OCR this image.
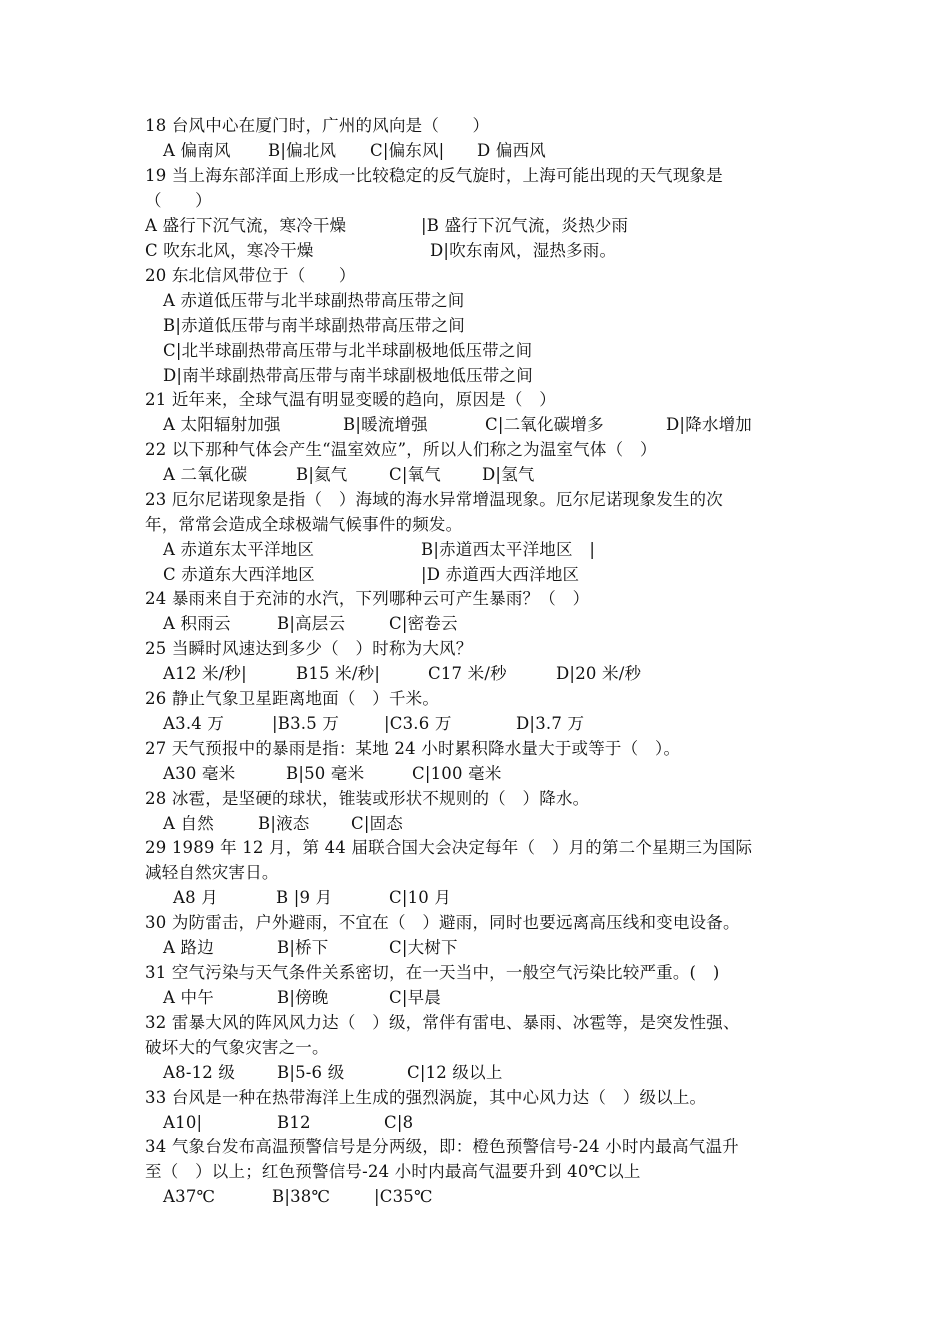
18 台风中心在厦门时，广州的风向是（　　）
A 偏南风 B|偏北风 C|偏东风| D 偏西风
19 当上海东部洋面上形成一比较稳定的反气旋时，上海可能出现的天气现象是
（　　）
A 盛行下沉气流，寒冷干燥	|B 盛行下沉气流，炎热少雨
C 吹东北风，寒冷干燥	D|吹东南风，湿热多雨。
20 东北信风带位于（　　）
A 赤道低压带与北半球副热带高压带之间
B|赤道低压带与南半球副热带高压带之间
C|北半球副热带高压带与北半球副极地低压带之间
D|南半球副热带高压带与南半球副极地低压带之间
21 近年来，全球气温有明显变暖的趋向，原因是（　）
A 太阳辐射加强	B|暖流增强	C|二氧化碳增多	D|降水增加
22 以下那种气体会产生“温室效应”，所以人们称之为温室气体（　）
A 二氧化碳	B|氦气	C|氧气 D|氢气
23 厄尔尼诺现象是指（　）海域的海水异常增温现象。厄尔尼诺现象发生的次
年，常常会造成全球极端气候事件的频发。
A 赤道东太平洋地区	B|赤道西太平洋地区　|
C 赤道东大西洋地区	|D 赤道西大西洋地区
24 暴雨来自于充沛的水汽，下列哪种云可产生暴雨？（　）
A 积雨云	B|高层云	C|密卷云
25 当瞬时风速达到多少（　）时称为大风？
A12 米/秒|	B15 米/秒|	C17 米/秒	D|20 米/秒
26 静止气象卫星距离地面（　）千米。
A3.4 万	|B3.5 万	|C3.6 万	D|3.7 万
27 天气预报中的暴雨是指：某地 24 小时累积降水量大于或等于（　）。
A30 毫米	B|50 毫米	C|100 毫米
28 冰雹，是坚硬的球状，锥装或形状不规则的（　）降水。
A 自然	B|液态	C|固态
29 1989 年 12 月，第 44 届联合国大会决定每年（　）月的第二个星期三为国际
减轻自然灾害日。
A8 月	B |9 月	C|10 月
30 为防雷击，户外避雨，不宜在（　）避雨，同时也要远离高压线和变电设备。
A 路边	B|桥下	C|大树下
31 空气污染与天气条件关系密切，在一天当中，一般空气污染比较严重。(　)
A 中午	B|傍晚	C|早晨
32 雷暴大风的阵风风力达（　）级，常伴有雷电、暴雨、冰雹等，是突发性强、
破坏大的气象灾害之一。
A8-12 级	B|5-6 级	C|12 级以上
33 台风是一种在热带海洋上生成的强烈涡旋，其中心风力达（　）级以上。
A10|	B12	C|8
34 气象台发布高温预警信号是分两级，即：橙色预警信号-24 小时内最高气温升
至（　）以上；红色预警信号-24 小时内最高气温要升到 40℃以上
A37℃	B|38℃	|C35℃
